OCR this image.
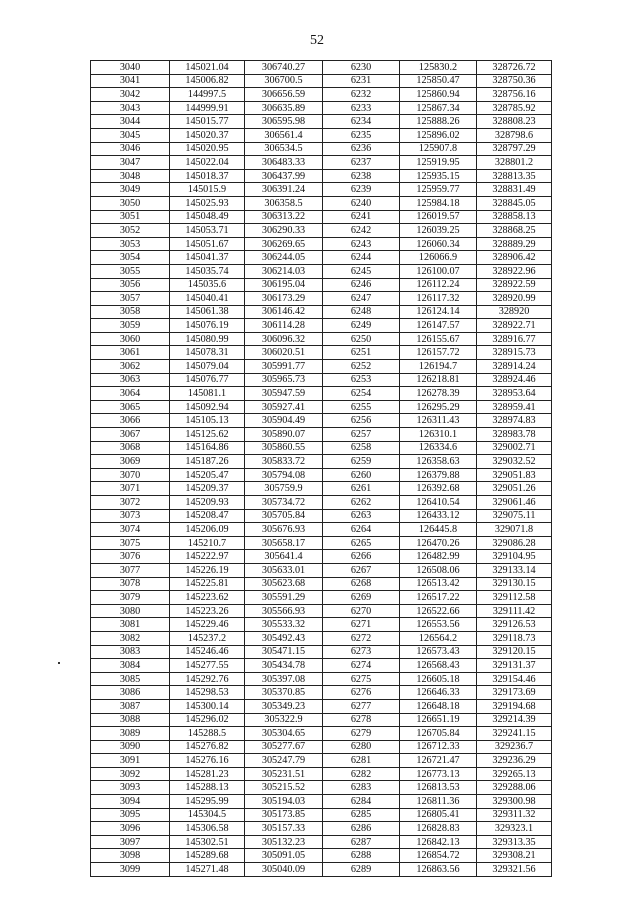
52
3040	145021.04	306740.27	6230	125830.2	328726.72
3041	145006.82	306700.5	6231	125850.47	328750.36
3042	144997.5	306656.59	6232	125860.94	328756.16
3043	144999.91	306635.89	6233	125867.34	328785.92
3044	145015.77	306595.98	6234	125888.26	328808.23
3045	145020.37	306561.4	6235	125896.02	328798.6
3046	145020.95	306534.5	6236	125907.8	328797.29
3047	145022.04	306483.33	6237	125919.95	328801.2
3048	145018.37	306437.99	6238	125935.15	328813.35
3049	145015.9	306391.24	6239	125959.77	328831.49
3050	145025.93	306358.5	6240	125984.18	328845.05
3051	145048.49	306313.22	6241	126019.57	328858.13
3052	145053.71	306290.33	6242	126039.25	328868.25
3053	145051.67	306269.65	6243	126060.34	328889.29
3054	145041.37	306244.05	6244	126066.9	328906.42
3055	145035.74	306214.03	6245	126100.07	328922.96
3056	145035.6	306195.04	6246	126112.24	328922.59
3057	145040.41	306173.29	6247	126117.32	328920.99
3058	145061.38	306146.42	6248	126124.14	328920
3059	145076.19	306114.28	6249	126147.57	328922.71
3060	145080.99	306096.32	6250	126155.67	328916.77
3061	145078.31	306020.51	6251	126157.72	328915.73
3062	145079.04	305991.77	6252	126194.7	328914.24
3063	145076.77	305965.73	6253	126218.81	328924.46
3064	145081.1	305947.59	6254	126278.39	328953.64
3065	145092.94	305927.41	6255	126295.29	328959.41
3066	145105.13	305904.49	6256	126311.43	328974.83
3067	145125.62	305890.07	6257	126310.1	328983.78
3068	145164.86	305860.55	6258	126334.6	329002.71
3069	145187.26	305833.72	6259	126358.63	329032.52
3070	145205.47	305794.08	6260	126379.88	329051.83
3071	145209.37	305759.9	6261	126392.68	329051.26
3072	145209.93	305734.72	6262	126410.54	329061.46
3073	145208.47	305705.84	6263	126433.12	329075.11
3074	145206.09	305676.93	6264	126445.8	329071.8
3075	145210.7	305658.17	6265	126470.26	329086.28
3076	145222.97	305641.4	6266	126482.99	329104.95
3077	145226.19	305633.01	6267	126508.06	329133.14
3078	145225.81	305623.68	6268	126513.42	329130.15
3079	145223.62	305591.29	6269	126517.22	329112.58
3080	145223.26	305566.93	6270	126522.66	329111.42
3081	145229.46	305533.32	6271	126553.56	329126.53
3082	145237.2	305492.43	6272	126564.2	329118.73
3083	145246.46	305471.15	6273	126573.43	329120.15
3084	145277.55	305434.78	6274	126568.43	329131.37
3085	145292.76	305397.08	6275	126605.18	329154.46
3086	145298.53	305370.85	6276	126646.33	329173.69
3087	145300.14	305349.23	6277	126648.18	329194.68
3088	145296.02	305322.9	6278	126651.19	329214.39
3089	145288.5	305304.65	6279	126705.84	329241.15
3090	145276.82	305277.67	6280	126712.33	329236.7
3091	145276.16	305247.79	6281	126721.47	329236.29
3092	145281.23	305231.51	6282	126773.13	329265.13
3093	145288.13	305215.52	6283	126813.53	329288.06
3094	145295.99	305194.03	6284	126811.36	329300.98
3095	145304.5	305173.85	6285	126805.41	329311.32
3096	145306.58	305157.33	6286	126828.83	329323.1
3097	145302.51	305132.23	6287	126842.13	329313.35
3098	145289.68	305091.05	6288	126854.72	329308.21
3099	145271.48	305040.09	6289	126863.56	329321.56
